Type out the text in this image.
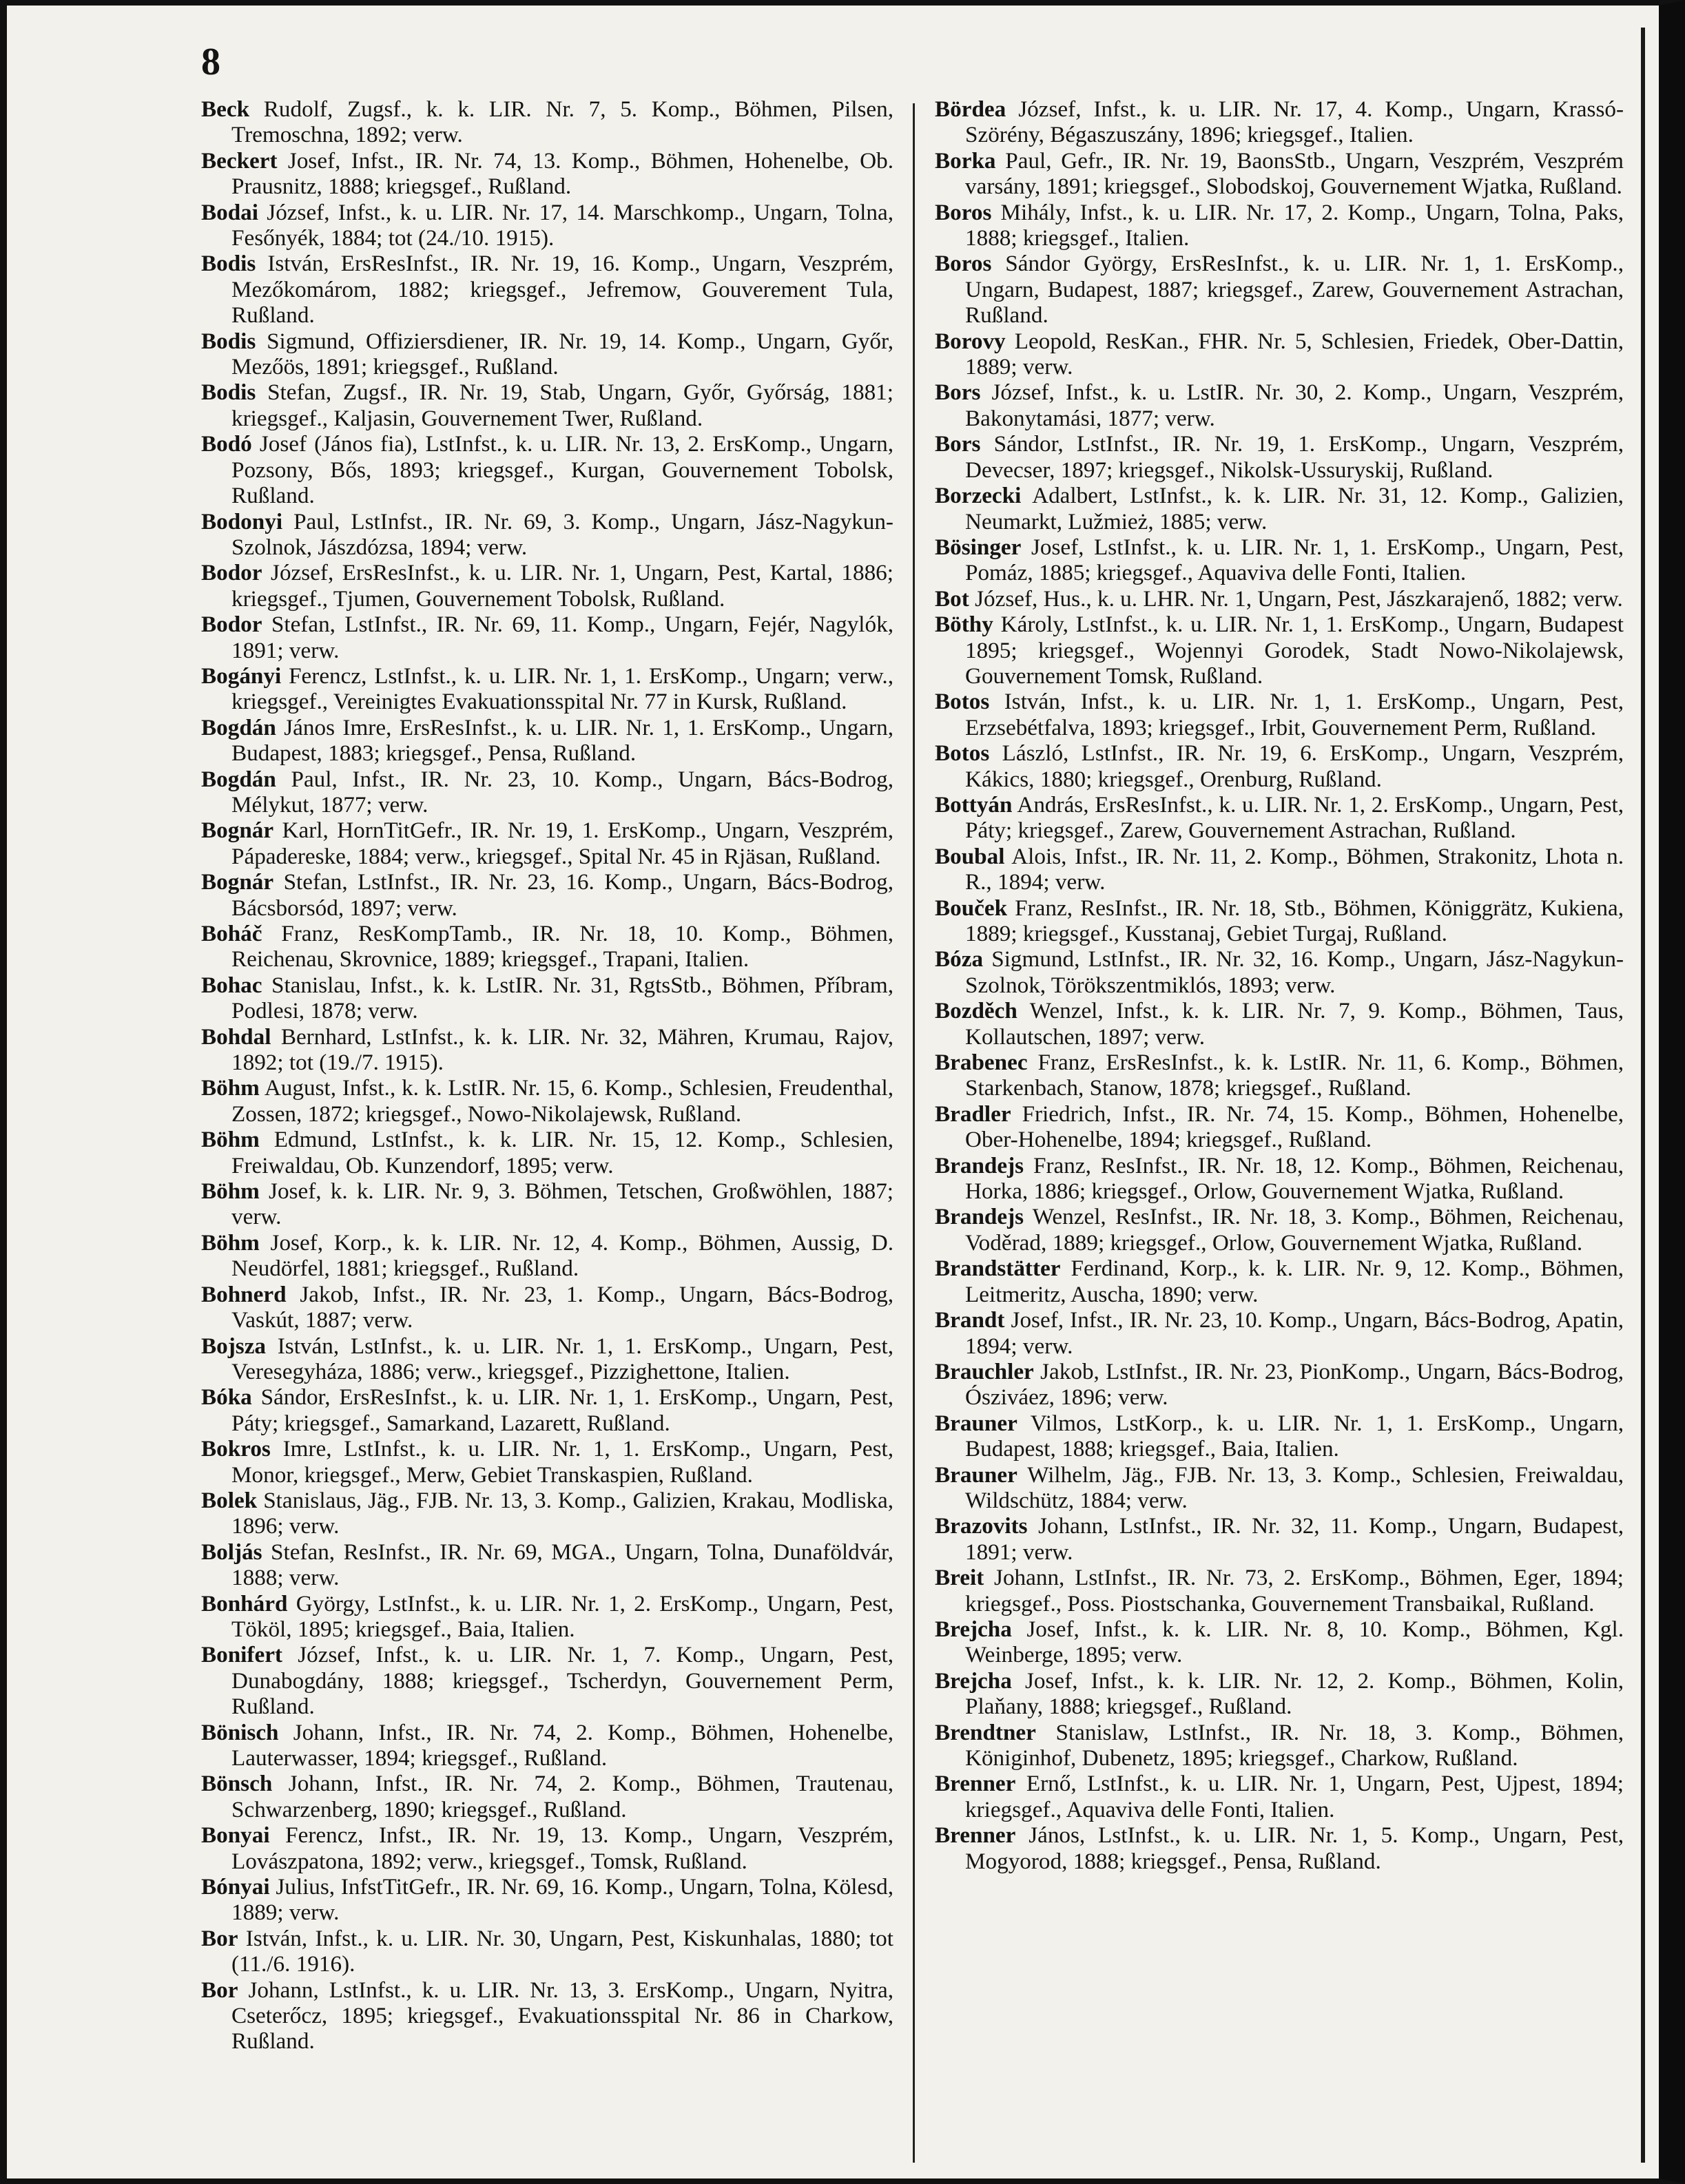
8

Beck Rudolf, Zugsf., k. k. LIR. Nr. 7, 5. Komp., Böhmen, Pilsen, Tremoschna, 1892; verw.

Beckert Josef, Infst., IR. Nr. 74, 13. Komp., Böhmen, Hohenelbe, Ob. Prausnitz, 1888; kriegsgef., Rußland.

Bodai József, Infst., k. u. LIR. Nr. 17, 14. Marschkomp., Ungarn, Tolna, Fesőnyék, 1884; tot (24./10. 1915).

Bodis István, ErsResInfst., IR. Nr. 19, 16. Komp., Ungarn, Veszprém, Mezőkomárom, 1882; kriegsgef., Jefremow, Gouverement Tula, Rußland.

Bodis Sigmund, Offiziersdiener, IR. Nr. 19, 14. Komp., Ungarn, Győr, Mezőös, 1891; kriegsgef., Rußland.

Bodis Stefan, Zugsf., IR. Nr. 19, Stab, Ungarn, Győr, Győrság, 1881; kriegsgef., Kaljasin, Gouvernement Twer, Rußland.

Bodó Josef (János fia), LstInfst., k. u. LIR. Nr. 13, 2. ErsKomp., Ungarn, Pozsony, Bős, 1893; kriegsgef., Kurgan, Gouvernement Tobolsk, Rußland.

Bodonyi Paul, LstInfst., IR. Nr. 69, 3. Komp., Ungarn, Jász-Nagykun-Szolnok, Jászdózsa, 1894; verw.

Bodor József, ErsResInfst., k. u. LIR. Nr. 1, Ungarn, Pest, Kartal, 1886; kriegsgef., Tjumen, Gouvernement Tobolsk, Rußland.

Bodor Stefan, LstInfst., IR. Nr. 69, 11. Komp., Ungarn, Fejér, Nagylók, 1891; verw.

Bogányi Ferencz, LstInfst., k. u. LIR. Nr. 1, 1. ErsKomp., Ungarn; verw., kriegsgef., Vereinigtes Evakuationsspital Nr. 77 in Kursk, Rußland.

Bogdán János Imre, ErsResInfst., k. u. LIR. Nr. 1, 1. ErsKomp., Ungarn, Budapest, 1883; kriegsgef., Pensa, Rußland.

Bogdán Paul, Infst., IR. Nr. 23, 10. Komp., Ungarn, Bács-Bodrog, Mélykut, 1877; verw.

Bognár Karl, HornTitGefr., IR. Nr. 19, 1. ErsKomp., Ungarn, Veszprém, Pápadereske, 1884; verw., kriegsgef., Spital Nr. 45 in Rjäsan, Rußland.

Bognár Stefan, LstInfst., IR. Nr. 23, 16. Komp., Ungarn, Bács-Bodrog, Bácsborsód, 1897; verw.

Boháč Franz, ResKompTamb., IR. Nr. 18, 10. Komp., Böhmen, Reichenau, Skrovnice, 1889; kriegsgef., Trapani, Italien.

Bohac Stanislau, Infst., k. k. LstIR. Nr. 31, RgtsStb., Böhmen, Příbram, Podlesi, 1878; verw.

Bohdal Bernhard, LstInfst., k. k. LIR. Nr. 32, Mähren, Krumau, Rajov, 1892; tot (19./7. 1915).

Böhm August, Infst., k. k. LstIR. Nr. 15, 6. Komp., Schlesien, Freudenthal, Zossen, 1872; kriegsgef., Nowo-Nikolajewsk, Rußland.

Böhm Edmund, LstInfst., k. k. LIR. Nr. 15, 12. Komp., Schlesien, Freiwaldau, Ob. Kunzendorf, 1895; verw.

Böhm Josef, k. k. LIR. Nr. 9, 3. Böhmen, Tetschen, Großwöhlen, 1887; verw.

Böhm Josef, Korp., k. k. LIR. Nr. 12, 4. Komp., Böhmen, Aussig, D. Neudörfel, 1881; kriegsgef., Rußland.

Bohnerd Jakob, Infst., IR. Nr. 23, 1. Komp., Ungarn, Bács-Bodrog, Vaskút, 1887; verw.

Bojsza István, LstInfst., k. u. LIR. Nr. 1, 1. ErsKomp., Ungarn, Pest, Veresegyháza, 1886; verw., kriegsgef., Pizzighettone, Italien.

Bóka Sándor, ErsResInfst., k. u. LIR. Nr. 1, 1. ErsKomp., Ungarn, Pest, Páty; kriegsgef., Samarkand, Lazarett, Rußland.

Bokros Imre, LstInfst., k. u. LIR. Nr. 1, 1. ErsKomp., Ungarn, Pest, Monor, kriegsgef., Merw, Gebiet Transkaspien, Rußland.

Bolek Stanislaus, Jäg., FJB. Nr. 13, 3. Komp., Galizien, Krakau, Modliska, 1896; verw.

Boljás Stefan, ResInfst., IR. Nr. 69, MGA., Ungarn, Tolna, Dunaföldvár, 1888; verw.

Bonhárd György, LstInfst., k. u. LIR. Nr. 1, 2. ErsKomp., Ungarn, Pest, Tököl, 1895; kriegsgef., Baia, Italien.

Bonifert József, Infst., k. u. LIR. Nr. 1, 7. Komp., Ungarn, Pest, Dunabogdány, 1888; kriegsgef., Tscherdyn, Gouvernement Perm, Rußland.

Bönisch Johann, Infst., IR. Nr. 74, 2. Komp., Böhmen, Hohenelbe, Lauterwasser, 1894; kriegsgef., Rußland.

Bönsch Johann, Infst., IR. Nr. 74, 2. Komp., Böhmen, Trautenau, Schwarzenberg, 1890; kriegsgef., Rußland.

Bonyai Ferencz, Infst., IR. Nr. 19, 13. Komp., Ungarn, Veszprém, Lovászpatona, 1892; verw., kriegsgef., Tomsk, Rußland.

Bónyai Julius, InfstTitGefr., IR. Nr. 69, 16. Komp., Ungarn, Tolna, Kölesd, 1889; verw.

Bor István, Infst., k. u. LIR. Nr. 30, Ungarn, Pest, Kiskunhalas, 1880; tot (11./6. 1916).

Bor Johann, LstInfst., k. u. LIR. Nr. 13, 3. ErsKomp., Ungarn, Nyitra, Cseterőcz, 1895; kriegsgef., Evakuationsspital Nr. 86 in Charkow, Rußland.

Bördea József, Infst., k. u. LIR. Nr. 17, 4. Komp., Ungarn, Krassó-Szörény, Bégaszuszány, 1896; kriegsgef., Italien.

Borka Paul, Gefr., IR. Nr. 19, BaonsStb., Ungarn, Veszprém, Veszprém varsány, 1891; kriegsgef., Slobodskoj, Gouvernement Wjatka, Rußland.

Boros Mihály, Infst., k. u. LIR. Nr. 17, 2. Komp., Ungarn, Tolna, Paks, 1888; kriegsgef., Italien.

Boros Sándor György, ErsResInfst., k. u. LIR. Nr. 1, 1. ErsKomp., Ungarn, Budapest, 1887; kriegsgef., Zarew, Gouvernement Astrachan, Rußland.

Borovy Leopold, ResKan., FHR. Nr. 5, Schlesien, Friedek, Ober-Dattin, 1889; verw.

Bors József, Infst., k. u. LstIR. Nr. 30, 2. Komp., Ungarn, Veszprém, Bakonytamási, 1877; verw.

Bors Sándor, LstInfst., IR. Nr. 19, 1. ErsKomp., Ungarn, Veszprém, Devecser, 1897; kriegsgef., Nikolsk-Ussuryskij, Rußland.

Borzecki Adalbert, LstInfst., k. k. LIR. Nr. 31, 12. Komp., Galizien, Neumarkt, Lužmież, 1885; verw.

Bösinger Josef, LstInfst., k. u. LIR. Nr. 1, 1. ErsKomp., Ungarn, Pest, Pomáz, 1885; kriegsgef., Aquaviva delle Fonti, Italien.

Bot József, Hus., k. u. LHR. Nr. 1, Ungarn, Pest, Jászkarajenő, 1882; verw.

Böthy Károly, LstInfst., k. u. LIR. Nr. 1, 1. ErsKomp., Ungarn, Budapest 1895; kriegsgef., Wojennyi Gorodek, Stadt Nowo-Nikolajewsk, Gouvernement Tomsk, Rußland.

Botos István, Infst., k. u. LIR. Nr. 1, 1. ErsKomp., Ungarn, Pest, Erzsebétfalva, 1893; kriegsgef., Irbit, Gouvernement Perm, Rußland.

Botos László, LstInfst., IR. Nr. 19, 6. ErsKomp., Ungarn, Veszprém, Kákics, 1880; kriegsgef., Orenburg, Rußland.

Bottyán András, ErsResInfst., k. u. LIR. Nr. 1, 2. ErsKomp., Ungarn, Pest, Páty; kriegsgef., Zarew, Gouvernement Astrachan, Rußland.

Boubal Alois, Infst., IR. Nr. 11, 2. Komp., Böhmen, Strakonitz, Lhota n. R., 1894; verw.

Bouček Franz, ResInfst., IR. Nr. 18, Stb., Böhmen, Königgrätz, Kukiena, 1889; kriegsgef., Kusstanaj, Gebiet Turgaj, Rußland.

Bóza Sigmund, LstInfst., IR. Nr. 32, 16. Komp., Ungarn, Jász-Nagykun-Szolnok, Törökszentmiklós, 1893; verw.

Bozděch Wenzel, Infst., k. k. LIR. Nr. 7, 9. Komp., Böhmen, Taus, Kollautschen, 1897; verw.

Brabenec Franz, ErsResInfst., k. k. LstIR. Nr. 11, 6. Komp., Böhmen, Starkenbach, Stanow, 1878; kriegsgef., Rußland.

Bradler Friedrich, Infst., IR. Nr. 74, 15. Komp., Böhmen, Hohenelbe, Ober-Hohenelbe, 1894; kriegsgef., Rußland.

Brandejs Franz, ResInfst., IR. Nr. 18, 12. Komp., Böhmen, Reichenau, Horka, 1886; kriegsgef., Orlow, Gouvernement Wjatka, Rußland.

Brandejs Wenzel, ResInfst., IR. Nr. 18, 3. Komp., Böhmen, Reichenau, Voděrad, 1889; kriegsgef., Orlow, Gouvernement Wjatka, Rußland.

Brandstätter Ferdinand, Korp., k. k. LIR. Nr. 9, 12. Komp., Böhmen, Leitmeritz, Auscha, 1890; verw.

Brandt Josef, Infst., IR. Nr. 23, 10. Komp., Ungarn, Bács-Bodrog, Apatin, 1894; verw.

Brauchler Jakob, LstInfst., IR. Nr. 23, PionKomp., Ungarn, Bács-Bodrog, Ósziváez, 1896; verw.

Brauner Vilmos, LstKorp., k. u. LIR. Nr. 1, 1. ErsKomp., Ungarn, Budapest, 1888; kriegsgef., Baia, Italien.

Brauner Wilhelm, Jäg., FJB. Nr. 13, 3. Komp., Schlesien, Freiwaldau, Wildschütz, 1884; verw.

Brazovits Johann, LstInfst., IR. Nr. 32, 11. Komp., Ungarn, Budapest, 1891; verw.

Breit Johann, LstInfst., IR. Nr. 73, 2. ErsKomp., Böhmen, Eger, 1894; kriegsgef., Poss. Piostschanka, Gouvernement Transbaikal, Rußland.

Brejcha Josef, Infst., k. k. LIR. Nr. 8, 10. Komp., Böhmen, Kgl. Weinberge, 1895; verw.

Brejcha Josef, Infst., k. k. LIR. Nr. 12, 2. Komp., Böhmen, Kolin, Plaňany, 1888; kriegsgef., Rußland.

Brendtner Stanislaw, LstInfst., IR. Nr. 18, 3. Komp., Böhmen, Königinhof, Dubenetz, 1895; kriegsgef., Charkow, Rußland.

Brenner Ernő, LstInfst., k. u. LIR. Nr. 1, Ungarn, Pest, Ujpest, 1894; kriegsgef., Aquaviva delle Fonti, Italien.

Brenner János, LstInfst., k. u. LIR. Nr. 1, 5. Komp., Ungarn, Pest, Mogyorod, 1888; kriegsgef., Pensa, Rußland.
